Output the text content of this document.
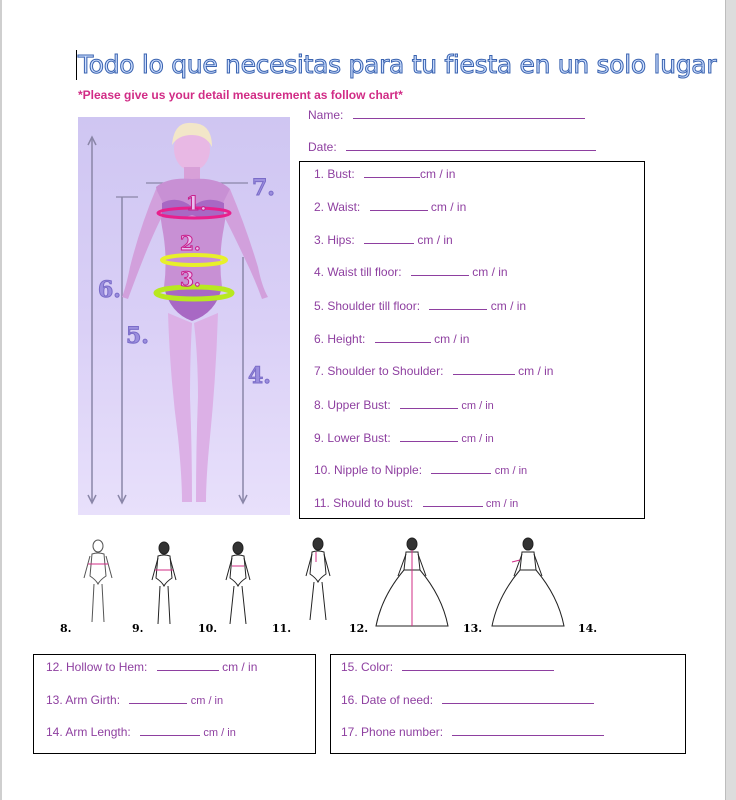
Todo lo que necesitas para tu fiesta en un solo lugar
*Please give us your detail measurement as follow chart*
Name:
Date:
6.
5.
4.
7.
1.
2.
3.
1. Bust:	cm / in
2. Waist:	cm / in
3. Hips:	cm / in
4. Waist till floor:	cm / in
5. Shoulder till floor:	cm / in
6. Height:	cm / in
7. Shoulder to Shoulder:	cm / in
8. Upper Bust:	cm / in
9. Lower Bust:	cm / in
10. Nipple to Nipple:	cm / in
11. Should to bust:	cm / in
8.	9.	10.	11.	12.	13.	14.
12. Hollow to Hem:	cm / in
13. Arm Girth:	cm / in
14. Arm Length:	cm / in
15. Color:
16. Date of need:
17. Phone number:
